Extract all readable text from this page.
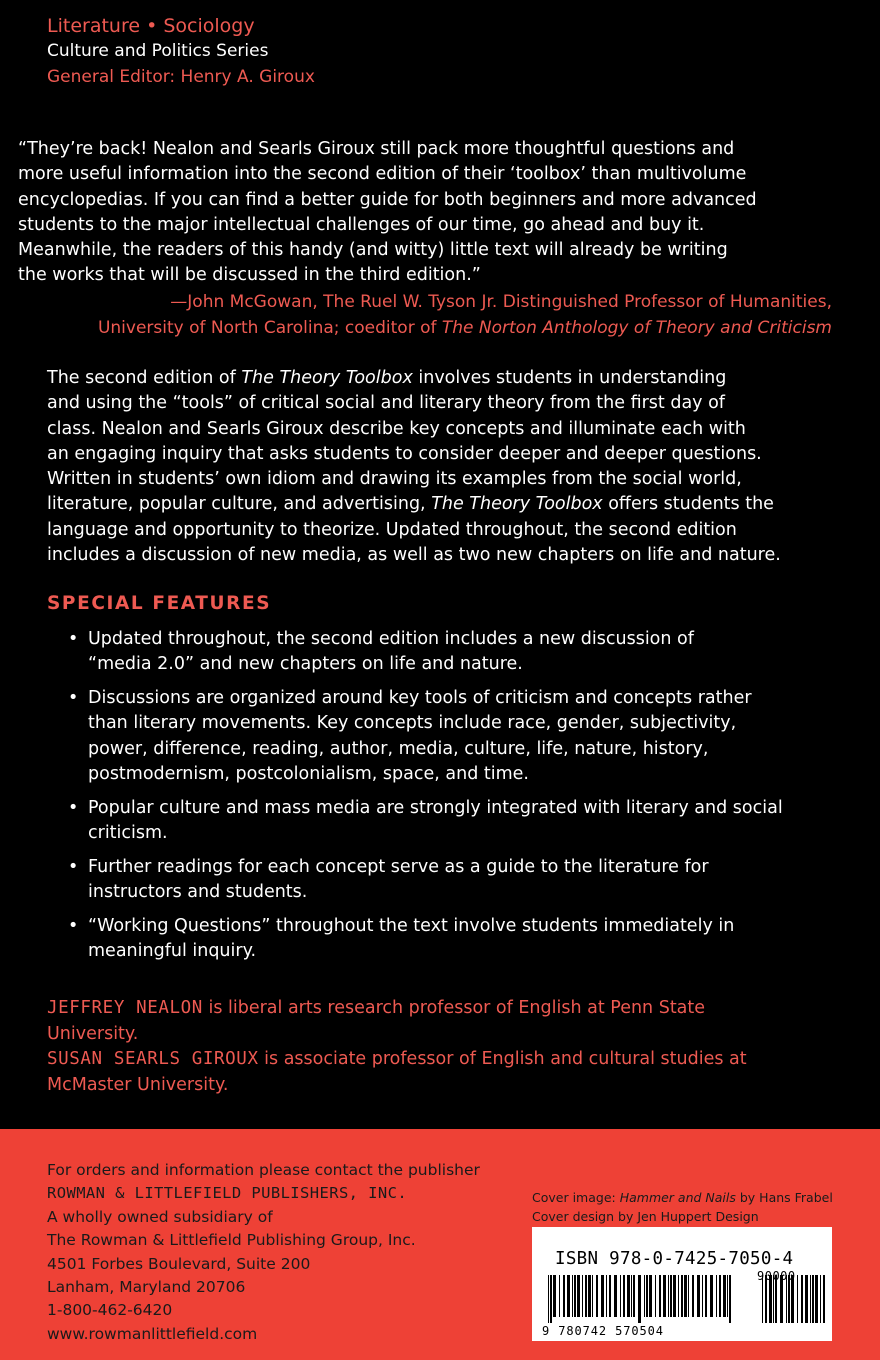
Literature • Sociology
Culture and Politics Series
General Editor: Henry A. Giroux

“They’re back! Nealon and Searls Giroux still pack more thoughtful questions and

more useful information into the second edition of their ‘toolbox’ than multivolume

encyclopedias. If you can find a better guide for both beginners and more advanced

students to the major intellectual challenges of our time, go ahead and buy it.

Meanwhile, the readers of this handy (and witty) little text will already be writing

the works that will be discussed in the third edition.”

—John McGowan, The Ruel W. Tyson Jr. Distinguished Professor of Humanities,

University of North Carolina; coeditor of The Norton Anthology of Theory and Criticism

The second edition of The Theory Toolbox involves students in understanding

and using the “tools” of critical social and literary theory from the first day of

class. Nealon and Searls Giroux describe key concepts and illuminate each with

an engaging inquiry that asks students to consider deeper and deeper questions.

Written in students’ own idiom and drawing its examples from the social world,

literature, popular culture, and advertising, The Theory Toolbox offers students the

language and opportunity to theorize. Updated throughout, the second edition

includes a discussion of new media, as well as two new chapters on life and nature.

SPECIAL FEATURES
• Updated throughout, the second edition includes a new discussion of

“media 2.0” and new chapters on life and nature.

• Discussions are organized around key tools of criticism and concepts rather

than literary movements. Key concepts include race, gender, subjectivity,

power, difference, reading, author, media, culture, life, nature, history,

postmodernism, postcolonialism, space, and time.

• Popular culture and mass media are strongly integrated with literary and social

criticism.

• Further readings for each concept serve as a guide to the literature for

instructors and students.

• “Working Questions” throughout the text involve students immediately in

meaningful inquiry.

JEFFREY NEALON is liberal arts research professor of English at Penn State

University.

SUSAN SEARLS GIROUX is associate professor of English and cultural studies at

McMaster University.

For orders and information please contact the publisher

ROWMAN & LITTLEFIELD PUBLISHERS, INC.

A wholly owned subsidiary of

The Rowman & Littlefield Publishing Group, Inc.

4501 Forbes Boulevard, Suite 200

Lanham, Maryland 20706

1-800-462-6420

www.rowmanlittlefield.com

Cover image: Hammer and Nails by Hans Frabel

Cover design by Jen Huppert Design

ISBN 978-0-7425-7050-4
90000
9 780742 570504
